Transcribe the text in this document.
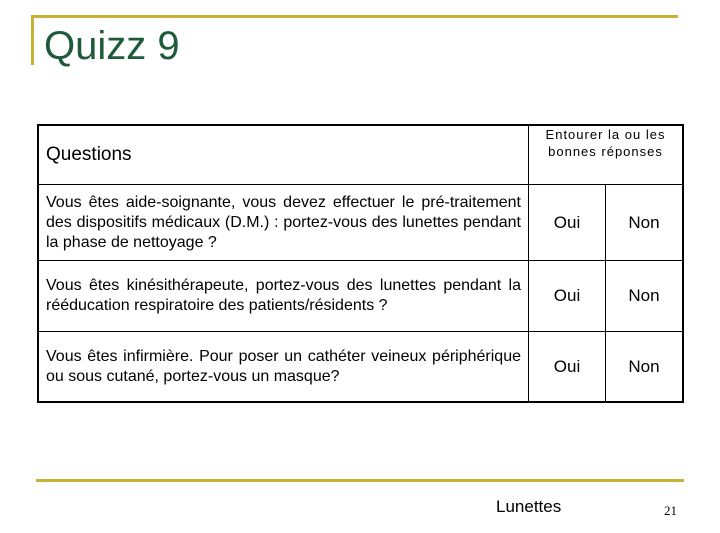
Quizz 9
Questions	Entourer la ou les bonnes réponses	
Vous êtes aide-soignante, vous devez effectuer le pré-traitement des dispositifs médicaux (D.M.) : portez-vous des lunettes pendant la phase de nettoyage ?	Oui	Non
Vous êtes kinésithérapeute, portez-vous des lunettes pendant la rééducation respiratoire des patients/résidents ?	Oui	Non
Vous êtes infirmière. Pour poser un cathéter veineux périphérique ou sous cutané, portez-vous un masque?	Oui	Non
Lunettes	21
